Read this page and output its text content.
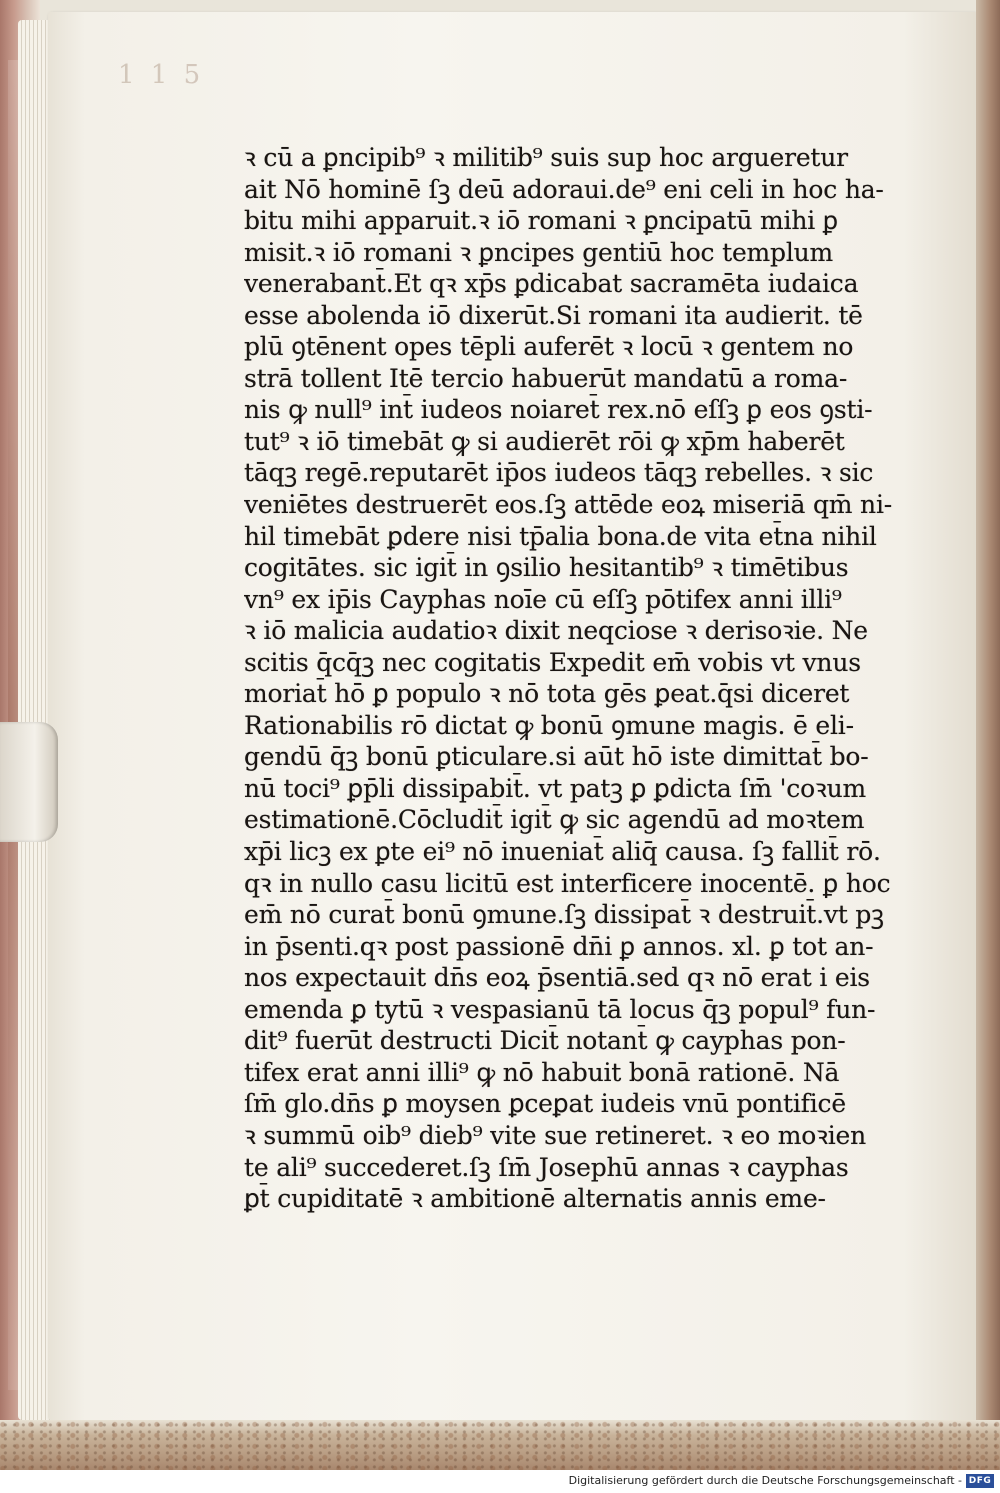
1 1 5
ꝛ cū a ꝑncipib⁹ ꝛ militib⁹ suis sup hoc argueretur
ait Nō hominē ſꝫ deū adoraui.de⁹ eni celi in hoc ha-
bitu mihi apparuit.ꝛ iō romani ꝛ ꝑncipatū mihi ꝑ
misit.ꝛ iō romani ꝛ ꝑncipes gentiū hoc templum
venerabant̄.Et qꝛ xp̄s ꝑdicabat sacramēta iudaica
esse abolenda iō dixerūt.Si romani ita audierit. tē
plū ꝯtēnent opes tēpli auferēt ꝛ locū ꝛ gentem no
strā tollent Itē tercio habuerūt mandatū a roma-
nis ꝙ null⁹ int̄ iudeos noiaret̄ rex.nō eſſꝫ ꝑ eos ꝯsti-
tut⁹ ꝛ iō timebāt ꝙ si audierēt rōi ꝙ xp̄m haberēt
tāqꝫ regē.reputarēt ip̄os iudeos tāqꝫ rebelles. ꝛ sic
veniētes destruerēt eos.ſꝫ attēde eoꝝ miseriā qm̄ ni-
hil timebāt ꝑdere nisi tp̄alia bona.de vita et̄na nihil
cogitātes. sic igit̄ in ꝯsilio hesitantib⁹ ꝛ timētibus
vn⁹ ex ip̄is Cayphas noīe cū eſſꝫ pōtifex anni illi⁹
ꝛ iō malicia audatioꝛ dixit neqciose ꝛ derisoꝛie. Ne
scitis q̄cq̄ꝫ nec cogitatis Expedit em̄ vobis vt vnus
moriat̄ hō ꝑ populo ꝛ nō tota gēs ꝑeat.q̄si diceret
Rationabilis rō dictat ꝙ bonū ꝯmune magis. ē eli-
gendū q̄ꝫ bonū ꝑticulare.si aūt hō iste dimittat̄ bo-
nū toci⁹ ꝑp̄li dissipabit̄. vt patꝫ ꝑ ꝑdicta ſm̄ 'coꝛum
estimationē.Cōcludit̄ igit̄ ꝙ sic agendū ad moꝛtem
xp̄i licꝫ ex ꝑte ei⁹ nō inueniat̄ aliq̄ causa. ſꝫ fallit̄ rō.
qꝛ in nullo casu licitū est interficere inocentē. ꝑ hoc
em̄ nō curat̄ bonū ꝯmune.ſꝫ dissipat̄ ꝛ destruit̄.vt pꝫ
in p̄senti.qꝛ post passionē dn̄i ꝑ annos. xl. ꝑ tot an-
nos expectauit dn̄s eoꝝ p̄sentiā.sed qꝛ nō erat i eis
emenda ꝑ tytū ꝛ vespasianū tā locus q̄ꝫ popul⁹ fun-
dit⁹ fuerūt destructi Dicit̄ notant̄ ꝙ cayphas pon-
tifex erat anni illi⁹ ꝙ nō habuit bonā rationē. Nā
ſm̄ glo.dn̄s ꝑ moysen ꝑceꝑat iudeis vnū pontificē
ꝛ summū oib⁹ dieb⁹ vite sue retineret. ꝛ eo moꝛien
te ali⁹ succederet.ſꝫ ſm̄ Josephū annas ꝛ cayphas
ꝑt̄ cupiditatē ꝛ ambitionē alternatis annis eme-
Digitalisierung gefördert durch die Deutsche Forschungsgemeinschaft - DFG
